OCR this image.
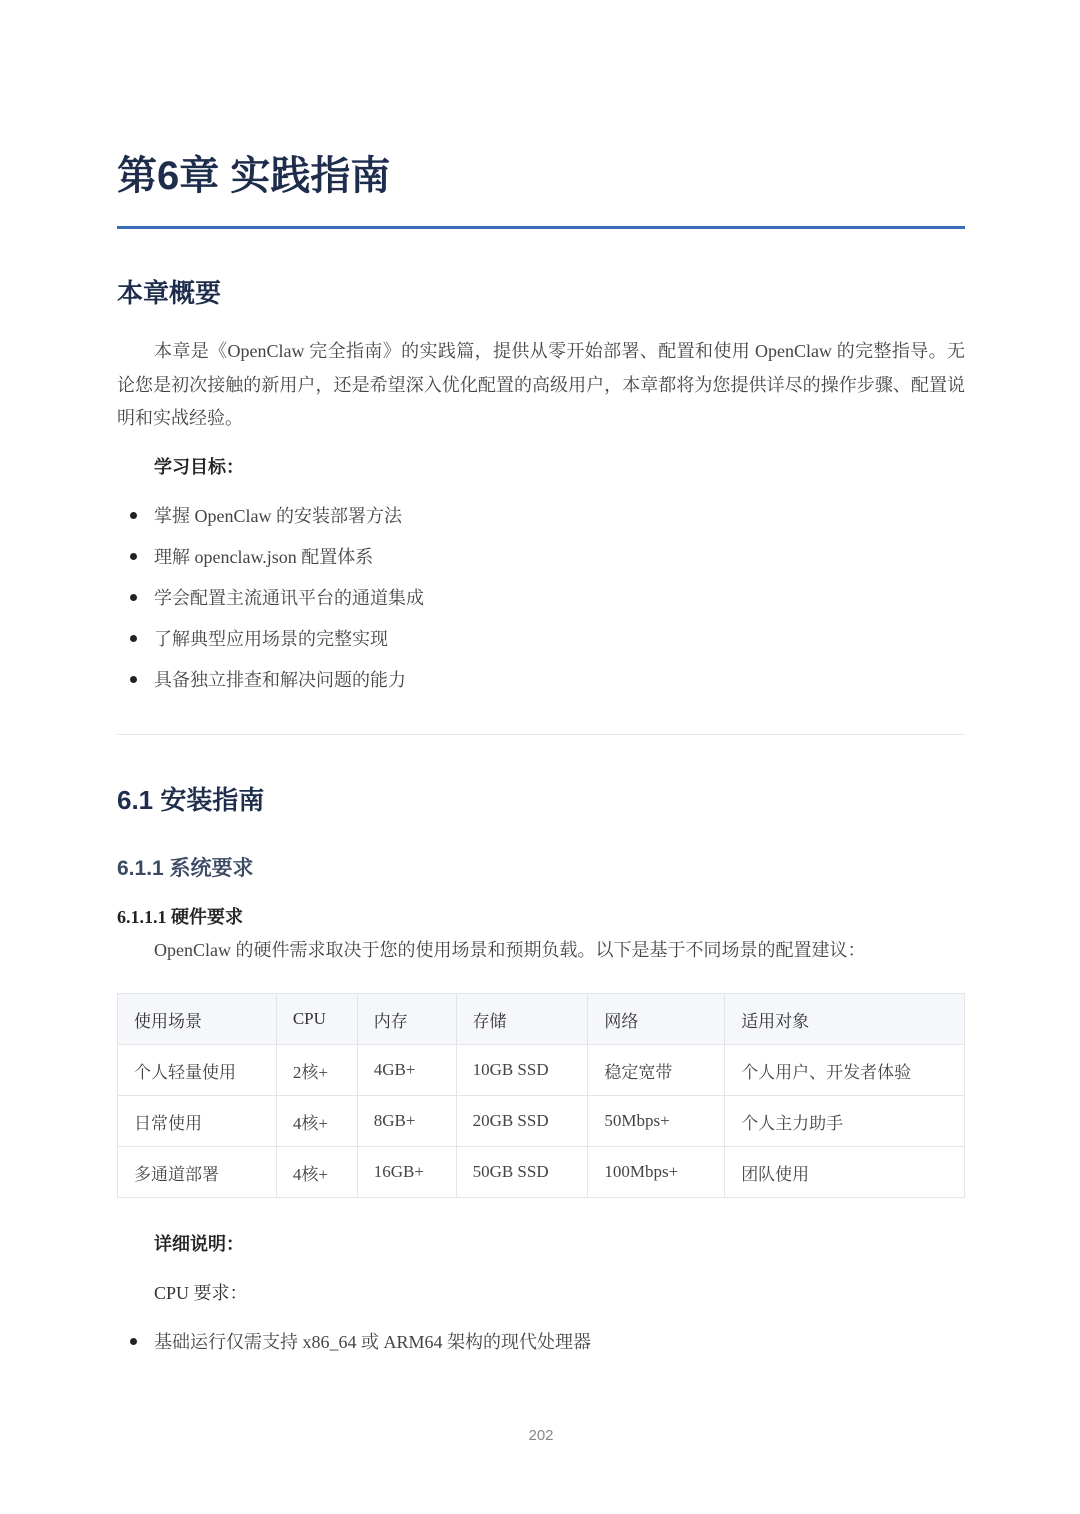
第6章 实践指南
本章概要

本章是《OpenClaw 完全指南》的实践篇，提供从零开始部署、配置和使用 OpenClaw 的完整指导。无论您是初次接触的新用户，还是希望深入优化配置的高级用户，本章都将为您提供详尽的操作步骤、配置说明和实战经验。

学习目标：

掌握 OpenClaw 的安装部署方法
理解 openclaw.json 配置体系
学会配置主流通讯平台的通道集成
了解典型应用场景的完整实现
具备独立排查和解决问题的能力
6.1 安装指南
6.1.1 系统要求
6.1.1.1 硬件要求

OpenClaw 的硬件需求取决于您的使用场景和预期负载。以下是基于不同场景的配置建议：

使用场景	CPU	内存	存储	网络	适用对象
个人轻量使用	2核+	4GB+	10GB SSD	稳定宽带	个人用户、开发者体验
日常使用	4核+	8GB+	20GB SSD	50Mbps+	个人主力助手
多通道部署	4核+	16GB+	50GB SSD	100Mbps+	团队使用

详细说明：

CPU 要求：

基础运行仅需支持 x86_64 或 ARM64 架构的现代处理器
202
